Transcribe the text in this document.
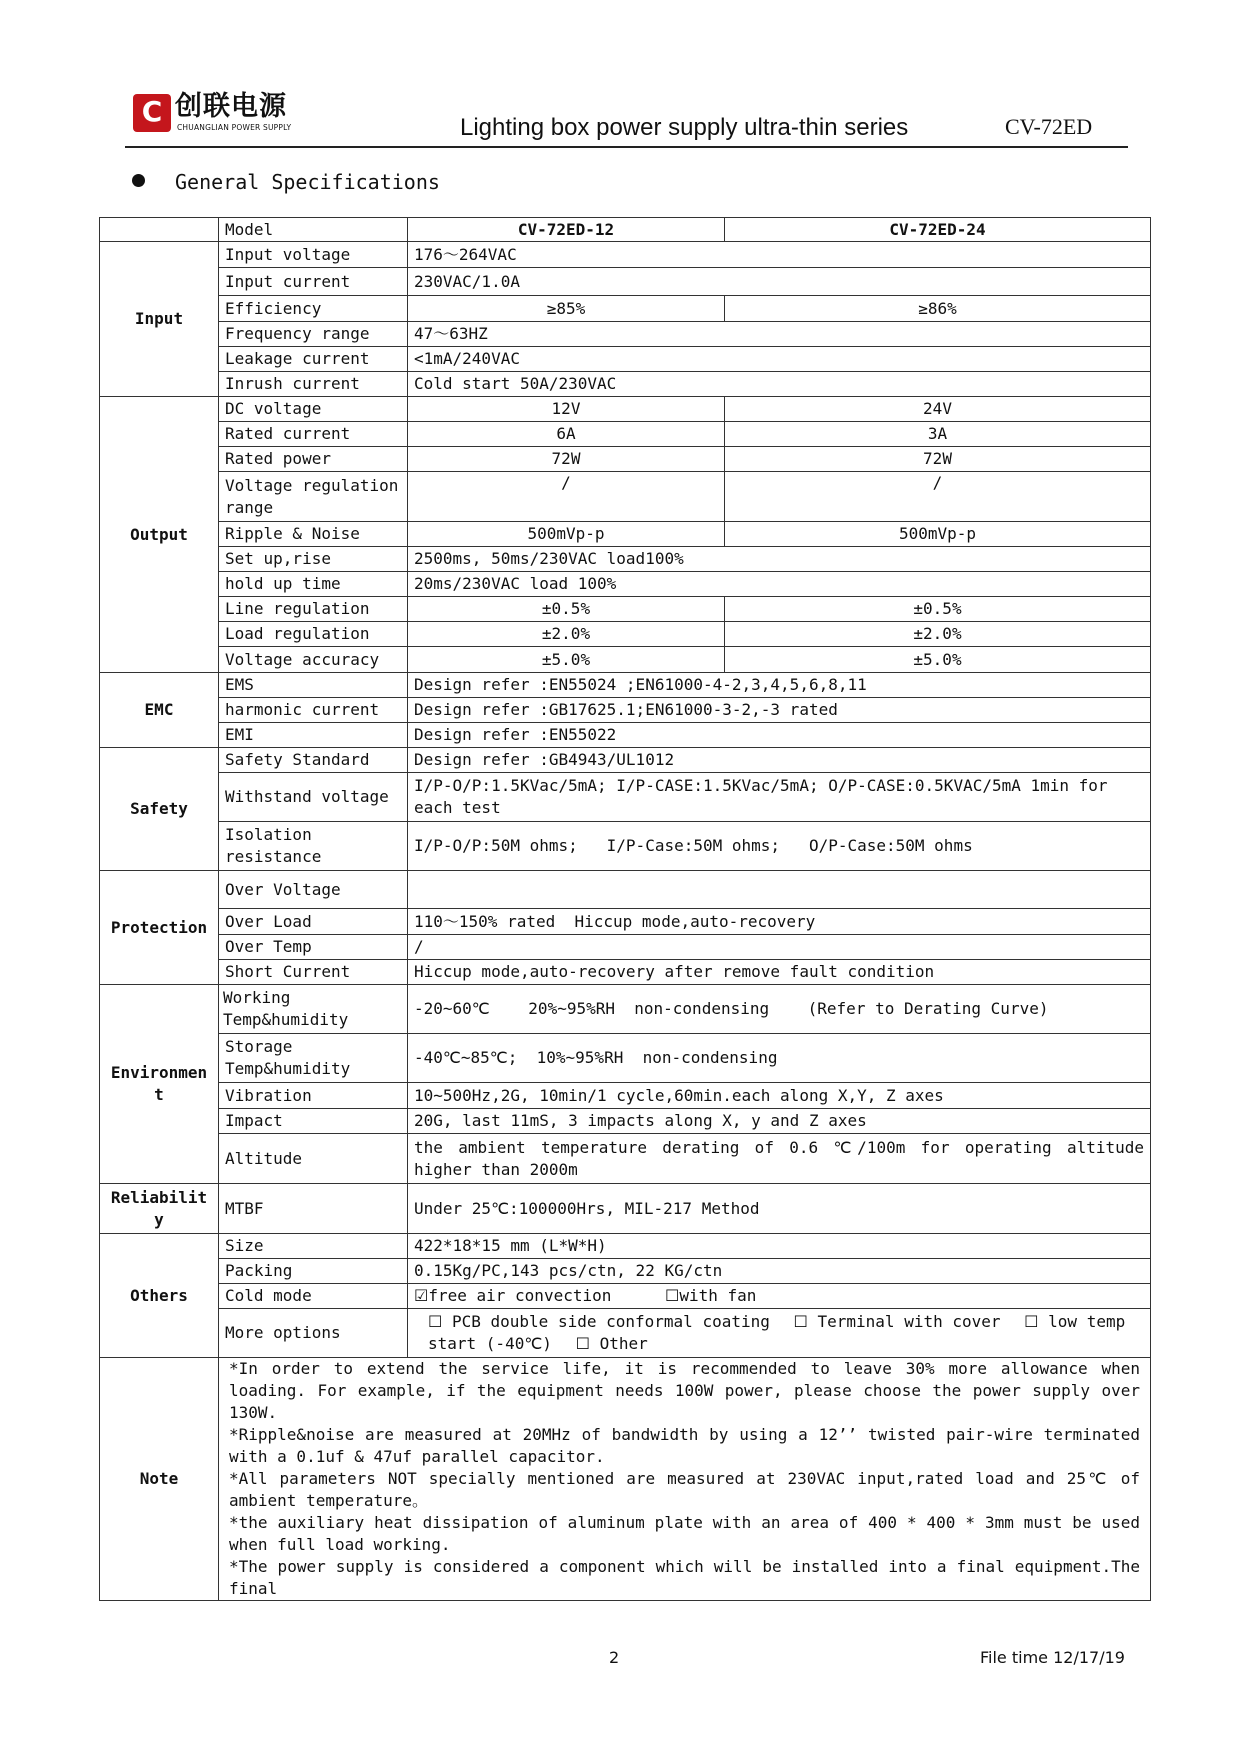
C 创联电源
CHUANGLIAN POWER SUPPLY	Lighting box power supply ultra-thin series	CV-72ED
General Specifications
	Model	CV-72ED-12	CV-72ED-24
Input	Input voltage	176～264VAC	
	Input current	230VAC/1.0A	
	Efficiency	≥85%	≥86%
	Frequency range	47～63HZ	
	Leakage current	<1mA/240VAC	
	Inrush current	Cold start 50A/230VAC	
Output	DC voltage	12V	24V
	Rated current	6A	3A
	Rated power	72W	72W
	Voltage regulation range	/	/
	Ripple & Noise	500mVp-p	500mVp-p
	Set up,rise	2500ms, 50ms/230VAC load100%	
	hold up time	20ms/230VAC load 100%	
	Line regulation	±0.5%	±0.5%
	Load regulation	±2.0%	±2.0%
	Voltage accuracy	±5.0%	±5.0%
EMC	EMS	Design refer :EN55024 ;EN61000-4-2,3,4,5,6,8,11	
	harmonic current	Design refer :GB17625.1;EN61000-3-2,-3 rated	
	EMI	Design refer :EN55022	
Safety	Safety Standard	Design refer :GB4943/UL1012	
	Withstand voltage	I/P-O/P:1.5KVac/5mA; I/P-CASE:1.5KVac/5mA; O/P-CASE:0.5KVAC/5mA 1min for each test	
	Isolation resistance	I/P-O/P:50M ohms;   I/P-Case:50M ohms;   O/P-Case:50M ohms	
Protection	Over Voltage		
	Over Load	110～150% rated  Hiccup mode,auto-recovery	
	Over Temp	/	
	Short Current	Hiccup mode,auto-recovery after remove fault condition	
Environmen t	Working Temp&humidity	-20~60℃    20%~95%RH  non-condensing    (Refer to Derating Curve)	
	Storage Temp&humidity	-40℃~85℃;  10%~95%RH  non-condensing	
	Vibration	10~500Hz,2G, 10min/1 cycle,60min.each along X,Y, Z axes	
	Impact	20G, last 11mS, 3 impacts along X, y and Z axes	
	Altitude	the ambient temperature derating of 0.6 ℃/100m for operating altitude higher than 2000m	
Reliabilit y	MTBF	Under 25℃:100000Hrs, MIL-217 Method	
Others	Size	422*18*15 mm (L*W*H)	
	Packing	0.15Kg/PC,143 pcs/ctn, 22 KG/ctn	
	Cold mode	☑free air convection ☐with fan	
	More options	☐ PCB double side conformal coating ☐ Terminal with cover ☐ low temp start (-40℃) ☐ Other	
Note	*In order to extend the service life, it is recommended to leave 30% more allowance when loading. For example, if the equipment needs 100W power, please choose the power supply over 130W.
*Ripple&noise are measured at 20MHz of bandwidth by using a 12’’ twisted pair-wire terminated with a 0.1uf & 47uf parallel capacitor.
*All parameters NOT specially mentioned are measured at 230VAC input,rated load and 25℃ of ambient temperature。
*the auxiliary heat dissipation of aluminum plate with an area of 400 * 400 * 3mm must be used when full load working.
*The power supply is considered a component which will be installed into a final equipment.The final		
2	File time 12/17/19
